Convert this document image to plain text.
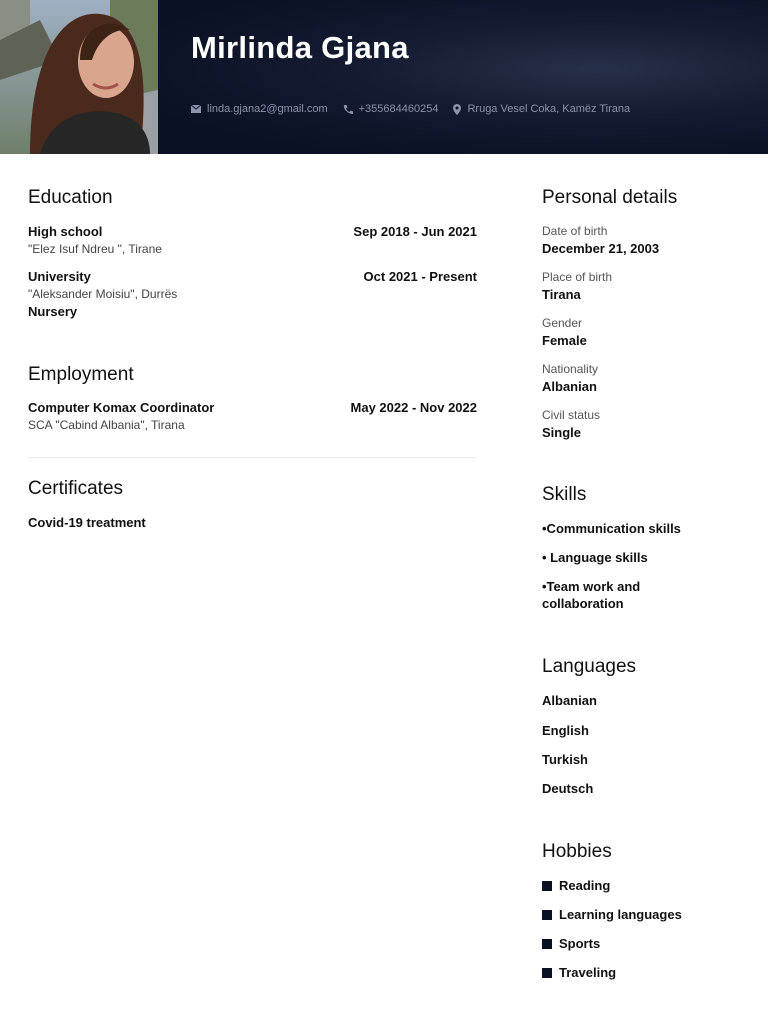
Mirlinda Gjana
linda.gjana2@gmail.com	+355684460254	Rruga Vesel Coka, Kamëz Tirana
Education
High school
"Elez Isuf Ndreu ", Tirane
Sep 2018 - Jun 2021
University
"Aleksander Moisiu", Durrës
Nursery
Oct 2021 - Present
Employment
Computer Komax Coordinator
SCA "Cabind Albania", Tirana
May 2022 - Nov 2022
Certificates
Covid-19 treatment
Personal details
Date of birth
December 21, 2003
Place of birth
Tirana
Gender
Female
Nationality
Albanian
Civil status
Single
Skills
•Communication skills
• Language skills
•Team work and
collaboration
Languages
Albanian
English
Turkish
Deutsch
Hobbies
Reading
Learning languages
Sports
Traveling
